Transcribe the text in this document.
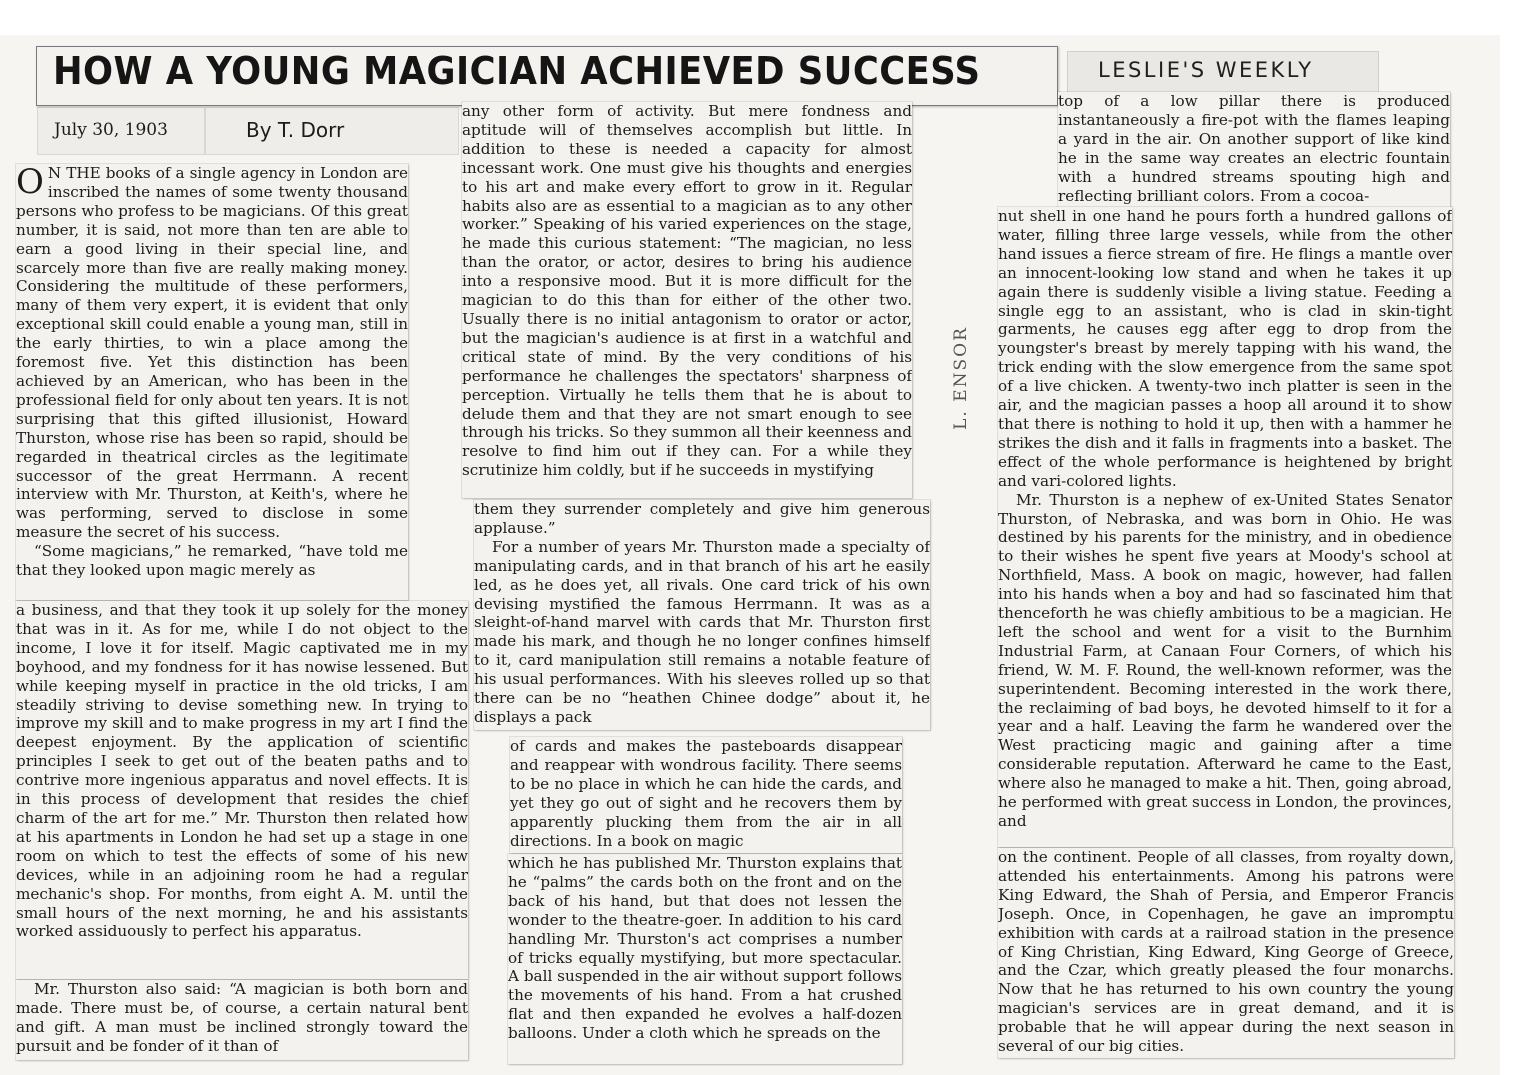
HOW A YOUNG MAGICIAN ACHIEVED SUCCESS	LESLIE'S WEEKLY
July 30, 1903	By T. Dorr

O N THE books of a single agency in London are inscribed the names of some twenty thousand persons who profess to be magicians. Of this great number, it is said, not more than ten are able to earn a good living in their special line, and scarcely more than five are really making money. Considering the multitude of these performers, many of them very expert, it is evident that only exceptional skill could enable a young man, still in the early thirties, to win a place among the foremost five. Yet this distinction has been achieved by an American, who has been in the professional field for only about ten years. It is not surprising that this gifted illusionist, Howard Thurston, whose rise has been so rapid, should be regarded in theatrical circles as the legitimate successor of the great Herrmann. A recent interview with Mr. Thurston, at Keith's, where he was performing, served to disclose in some measure the secret of his success.

“Some magicians,” he remarked, “have told me that they looked upon magic merely as

a business, and that they took it up solely for the money that was in it. As for me, while I do not object to the income, I love it for itself. Magic captivated me in my boyhood, and my fondness for it has nowise lessened. But while keeping myself in practice in the old tricks, I am steadily striving to devise something new. In trying to improve my skill and to make progress in my art I find the deepest enjoyment. By the application of scientific principles I seek to get out of the beaten paths and to contrive more ingenious apparatus and novel effects. It is in this process of development that resides the chief charm of the art for me.” Mr. Thurston then related how at his apartments in London he had set up a stage in one room on which to test the effects of some of his new devices, while in an adjoining room he had a regular mechanic's shop. For months, from eight A. M. until the small hours of the next morning, he and his assistants worked assiduously to perfect his apparatus.

Mr. Thurston also said: “A magician is both born and made. There must be, of course, a certain natural bent and gift. A man must be inclined strongly toward the pursuit and be fonder of it than of

any other form of activity. But mere fondness and aptitude will of themselves accomplish but little. In addition to these is needed a capacity for almost incessant work. One must give his thoughts and energies to his art and make every effort to grow in it. Regular habits also are as essential to a magician as to any other worker.” Speaking of his varied experiences on the stage, he made this curious statement: “The magician, no less than the orator, or actor, desires to bring his audience into a responsive mood. But it is more difficult for the magician to do this than for either of the other two. Usually there is no initial antagonism to orator or actor, but the magician's audience is at first in a watchful and critical state of mind. By the very conditions of his performance he challenges the spectators' sharpness of perception. Virtually he tells them that he is about to delude them and that they are not smart enough to see through his tricks. So they summon all their keenness and resolve to find him out if they can. For a while they scrutinize him coldly, but if he succeeds in mystifying

them they surrender completely and give him generous applause.”

For a number of years Mr. Thurston made a specialty of manipulating cards, and in that branch of his art he easily led, as he does yet, all rivals. One card trick of his own devising mystified the famous Herrmann. It was as a sleight-of-hand marvel with cards that Mr. Thurston first made his mark, and though he no longer confines himself to it, card manipulation still remains a notable feature of his usual performances. With his sleeves rolled up so that there can be no “heathen Chinee dodge” about it, he displays a pack

of cards and makes the pasteboards disappear and reappear with wondrous facility. There seems to be no place in which he can hide the cards, and yet they go out of sight and he recovers them by apparently plucking them from the air in all directions. In a book on magic

which he has published Mr. Thurston explains that he “palms” the cards both on the front and on the back of his hand, but that does not lessen the wonder to the theatre-goer. In addition to his card handling Mr. Thurston's act comprises a number of tricks equally mystifying, but more spectacular. A ball suspended in the air without support follows the movements of his hand. From a hat crushed flat and then expanded he evolves a half-dozen balloons. Under a cloth which he spreads on the

L. ENSOR

top of a low pillar there is produced instantaneously a fire-pot with the flames leaping a yard in the air. On another support of like kind he in the same way creates an electric fountain with a hundred streams spouting high and reflecting brilliant colors. From a cocoa-

nut shell in one hand he pours forth a hundred gallons of water, filling three large vessels, while from the other hand issues a fierce stream of fire. He flings a mantle over an innocent-looking low stand and when he takes it up again there is suddenly visible a living statue. Feeding a single egg to an assistant, who is clad in skin-tight garments, he causes egg after egg to drop from the youngster's breast by merely tapping with his wand, the trick ending with the slow emergence from the same spot of a live chicken. A twenty-two inch platter is seen in the air, and the magician passes a hoop all around it to show that there is nothing to hold it up, then with a hammer he strikes the dish and it falls in fragments into a basket. The effect of the whole performance is heightened by bright and vari-colored lights.

Mr. Thurston is a nephew of ex-United States Senator Thurston, of Nebraska, and was born in Ohio. He was destined by his parents for the ministry, and in obedience to their wishes he spent five years at Moody's school at Northfield, Mass. A book on magic, however, had fallen into his hands when a boy and had so fascinated him that thenceforth he was chiefly ambitious to be a magician. He left the school and went for a visit to the Burnhim Industrial Farm, at Canaan Four Corners, of which his friend, W. M. F. Round, the well-known reformer, was the superintendent. Becoming interested in the work there, the reclaiming of bad boys, he devoted himself to it for a year and a half. Leaving the farm he wandered over the West practicing magic and gaining after a time considerable reputation. Afterward he came to the East, where also he managed to make a hit. Then, going abroad, he performed with great success in London, the provinces, and

on the continent. People of all classes, from royalty down, attended his entertainments. Among his patrons were King Edward, the Shah of Persia, and Emperor Francis Joseph. Once, in Copenhagen, he gave an impromptu exhibition with cards at a railroad station in the presence of King Christian, King Edward, King George of Greece, and the Czar, which greatly pleased the four monarchs. Now that he has returned to his own country the young magician's services are in great demand, and it is probable that he will appear during the next season in several of our big cities.
